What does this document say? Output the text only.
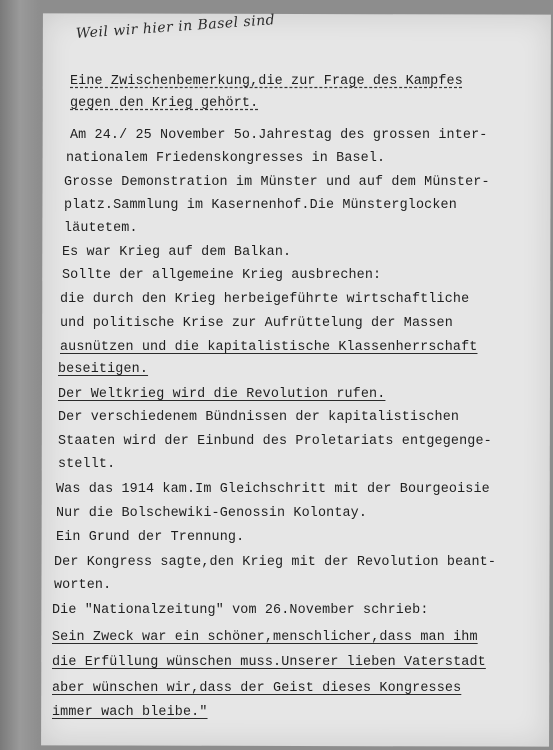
Weil wir hier in Basel sind
Eine Zwischenbemerkung,die zur Frage des Kampfes
gegen den Krieg gehört.
Am 24./ 25 November 5o.Jahrestag des grossen inter-
nationalem Friedenskongresses in Basel.
Grosse Demonstration im Münster und auf dem Münster-
platz.Sammlung im Kasernenhof.Die Münsterglocken
läutetem.
Es war Krieg auf dem Balkan.
Sollte der allgemeine Krieg ausbrechen:
die durch den Krieg herbeigeführte wirtschaftliche
und politische Krise zur Aufrüttelung der Massen
ausnützen und die kapitalistische Klassenherrschaft
beseitigen.
Der Weltkrieg wird die Revolution rufen.
Der verschiedenem Bündnissen der kapitalistischen
Staaten wird der Einbund des Proletariats entgegenge-
stellt.
Was das 1914 kam.Im Gleichschritt mit der Bourgeoisie
Nur die Bolschewiki-Genossin Kolontay.
Ein Grund der Trennung.
Der Kongress sagte,den Krieg mit der Revolution beant-
worten.
Die "Nationalzeitung" vom 26.November schrieb:
Sein Zweck war ein schöner,menschlicher,dass man ihm
die Erfüllung wünschen muss.Unserer lieben Vaterstadt
aber wünschen wir,dass der Geist dieses Kongresses
immer wach bleibe."
